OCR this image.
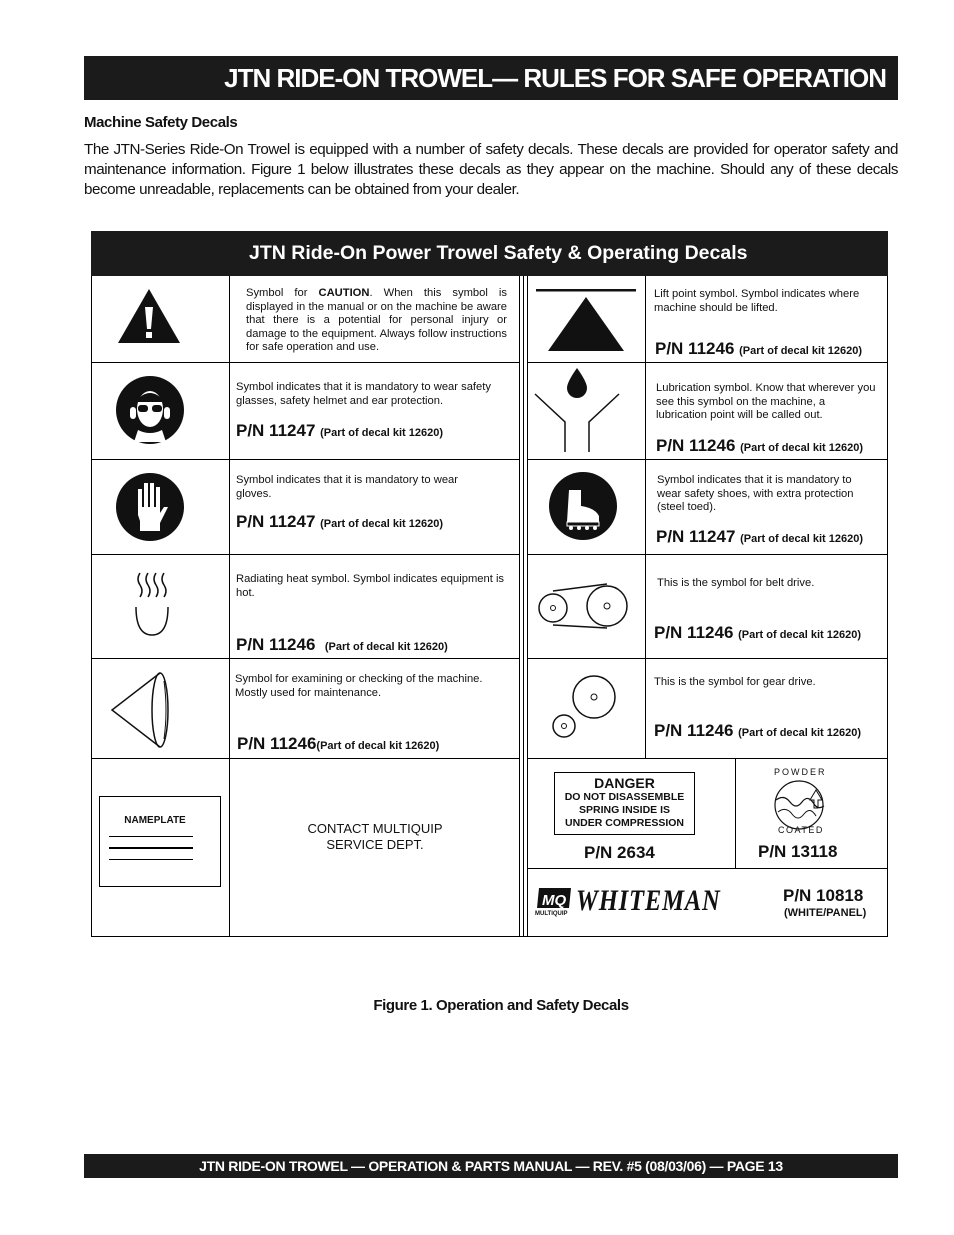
JTN RIDE-ON TROWEL— RULES FOR SAFE OPERATION
Machine Safety Decals
The JTN-Series Ride-On Trowel is equipped with a number of safety decals. These decals are provided for operator safety and maintenance information. Figure 1 below illustrates these decals as they appear on the machine. Should any of these decals become unreadable, replacements can be obtained from your dealer.
JTN Ride-On Power Trowel Safety & Operating Decals
Symbol for CAUTION. When this symbol is displayed in the manual or on the machine be aware that there is a potential for personal injury or damage to the equipment. Always follow instructions for safe operation and use.
Symbol indicates that it is mandatory to wear safety glasses, safety helmet and ear protection.
P/N 11247 (Part of decal kit 12620)
Symbol indicates that it is mandatory to wear gloves.
P/N 11247 (Part of decal kit 12620)
Radiating heat symbol. Symbol indicates equipment is hot.
P/N 11246 (Part of decal kit 12620)
Symbol for examining or checking of the machine. Mostly used for maintenance.
P/N 11246(Part of decal kit 12620)
NAMEPLATE
CONTACT MULTIQUIP
SERVICE DEPT.
Lift point symbol. Symbol indicates where machine should be lifted.
P/N 11246 (Part of decal kit 12620)
Lubrication symbol. Know that wherever you see this symbol on the machine, a lubrication point will be called out.
P/N 11246 (Part of decal kit 12620)
Symbol indicates that it is mandatory to wear safety shoes, with extra protection (steel toed).
P/N 11247 (Part of decal kit 12620)
This is the symbol for belt drive.
P/N 11246 (Part of decal kit 12620)
This is the symbol for gear drive.
P/N 11246 (Part of decal kit 12620)
DANGER
DO NOT DISASSEMBLE
SPRING INSIDE IS
UNDER COMPRESSION
P/N 2634
POWDER
COATED
P/N 13118
MQ
MULTIQUIP WHITEMAN	P/N 10818
(WHITE/PANEL)
Figure 1. Operation and Safety Decals
JTN RIDE-ON TROWEL — OPERATION & PARTS MANUAL — REV. #5 (08/03/06) — PAGE 13
